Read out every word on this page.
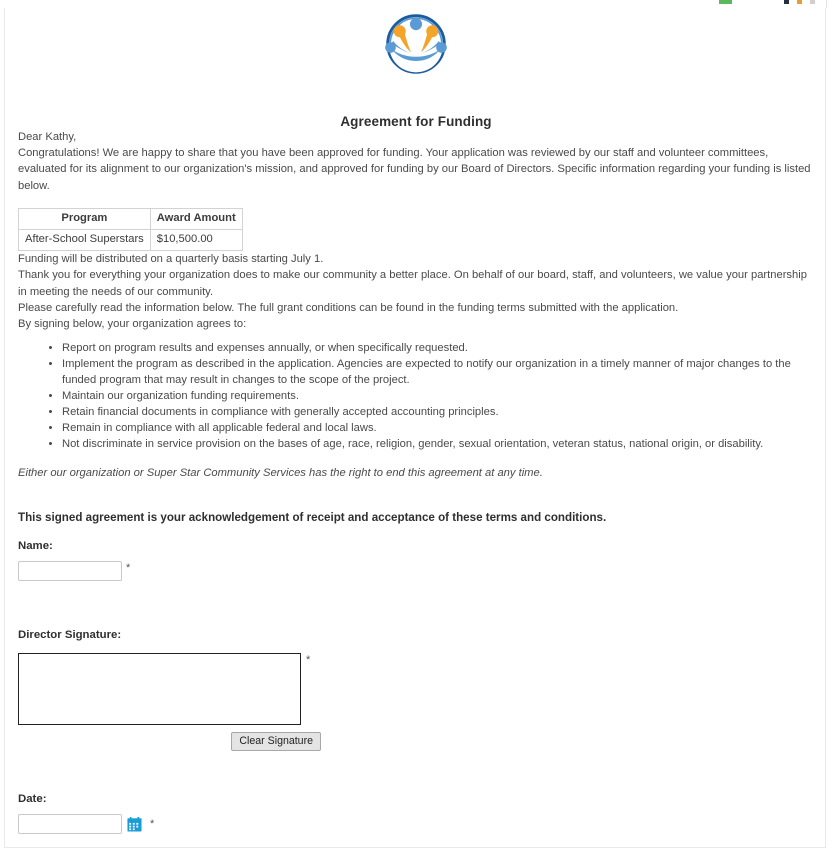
Agreement for Funding

Dear Kathy,

Congratulations! We are happy to share that you have been approved for funding. Your application was reviewed by our staff and volunteer committees, evaluated for its alignment to our organization's mission, and approved for funding by our Board of Directors. Specific information regarding your funding is listed below.

Program	Award Amount
After-School Superstars	$10,500.00

Funding will be distributed on a quarterly basis starting July 1.

Thank you for everything your organization does to make our community a better place. On behalf of our board, staff, and volunteers, we value your partnership in meeting the needs of our community.

Please carefully read the information below. The full grant conditions can be found in the funding terms submitted with the application.

By signing below, your organization agrees to:

• Report on program results and expenses annually, or when specifically requested.
• Implement the program as described in the application. Agencies are expected to notify our organization in a timely manner of major changes to the funded program that may result in changes to the scope of the project.
• Maintain our organization funding requirements.
• Retain financial documents in compliance with generally accepted accounting principles.
• Remain in compliance with all applicable federal and local laws.
• Not discriminate in service provision on the bases of age, race, religion, gender, sexual orientation, veteran status, national origin, or disability.

Either our organization or Super Star Community Services has the right to end this agreement at any time.

This signed agreement is your acknowledgement of receipt and acceptance of these terms and conditions.

Name:

*

Director Signature:

*
Clear Signature

Date:

*
